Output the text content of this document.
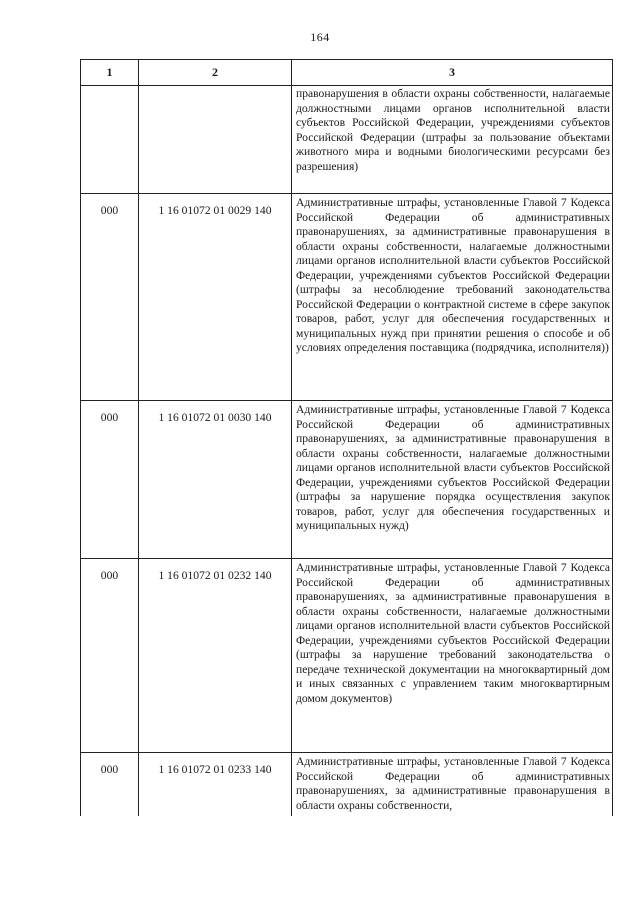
164
1	2	3

		правонарушения в области охраны собственности, налагаемые должностными лицами органов исполнительной власти субъектов Российской Федерации, учреждениями субъектов Российской Федерации (штрафы за пользование объектами животного мира и водными биологическими ресурсами без разрешения)

000	1 16 01072 01 0029 140	Административные штрафы, установленные Главой 7 Кодекса Российской Федерации об административных правонарушениях, за административные правонарушения в области охраны собственности, налагаемые должностными лицами органов исполнительной власти субъектов Российской Федерации, учреждениями субъектов Российской Федерации (штрафы за несоблюдение требований законодательства Российской Федерации о контрактной системе в сфере закупок товаров, работ, услуг для обеспечения государственных и муниципальных нужд при принятии решения о способе и об условиях определения поставщика (подрядчика, исполнителя))

000	1 16 01072 01 0030 140	Административные штрафы, установленные Главой 7 Кодекса Российской Федерации об административных правонарушениях, за административные правонарушения в области охраны собственности, налагаемые должностными лицами органов исполнительной власти субъектов Российской Федерации, учреждениями субъектов Российской Федерации (штрафы за нарушение порядка осуществления закупок товаров, работ, услуг для обеспечения государственных и муниципальных нужд)

000	1 16 01072 01 0232 140	Административные штрафы, установленные Главой 7 Кодекса Российской Федерации об административных правонарушениях, за административные правонарушения в области охраны собственности, налагаемые должностными лицами органов исполнительной власти субъектов Российской Федерации, учреждениями субъектов Российской Федерации (штрафы за нарушение требований законодательства о передаче технической документации на многоквартирный дом и иных связанных с управлением таким многоквартирным домом документов)

000	1 16 01072 01 0233 140	Административные штрафы, установленные Главой 7 Кодекса Российской Федерации об административных правонарушениях, за административные правонарушения в области охраны собственности,
